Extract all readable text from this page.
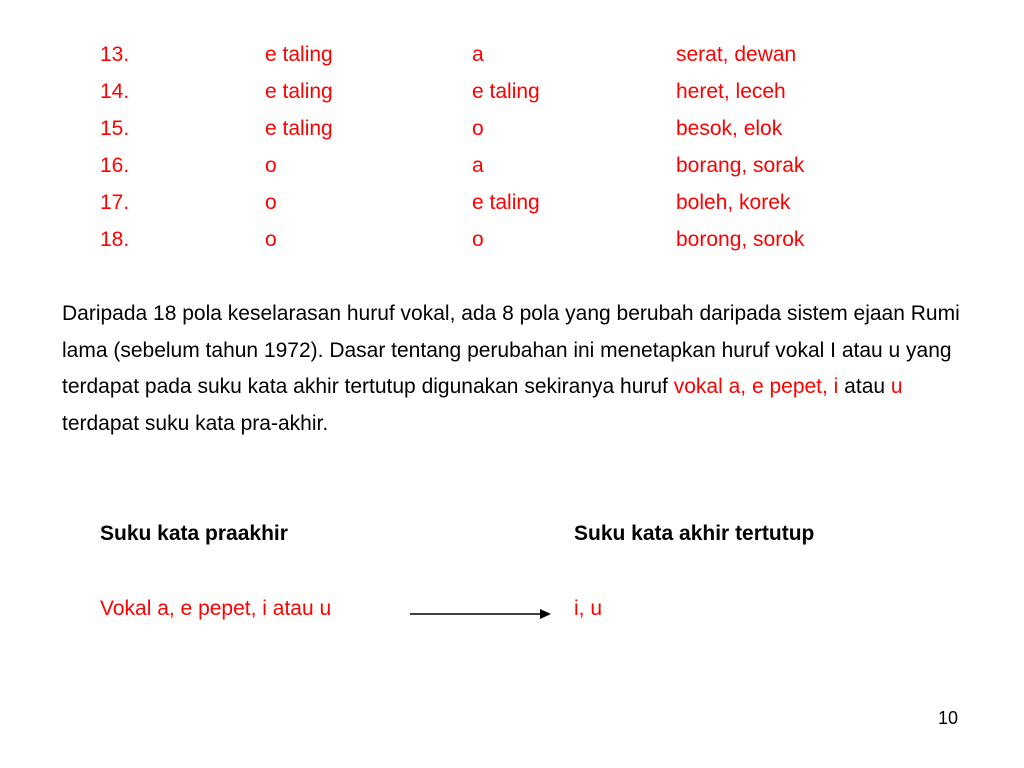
13.	e taling	a	serat, dewan
14.	e taling	e taling	heret, leceh
15.	e taling	o	besok, elok
16.	o	a	borang, sorak
17.	o	e taling	boleh, korek
18.	o	o	borong, sorok

Daripada 18 pola keselarasan huruf vokal, ada 8 pola yang berubah daripada sistem ejaan Rumi lama (sebelum tahun 1972). Dasar tentang perubahan ini menetapkan huruf vokal I atau u yang terdapat pada suku kata akhir tertutup digunakan sekiranya huruf vokal a, e pepet, i atau u terdapat suku kata pra-akhir.

Suku kata praakhir	Suku kata akhir tertutup
Vokal a, e pepet, i atau u	i, u
10
